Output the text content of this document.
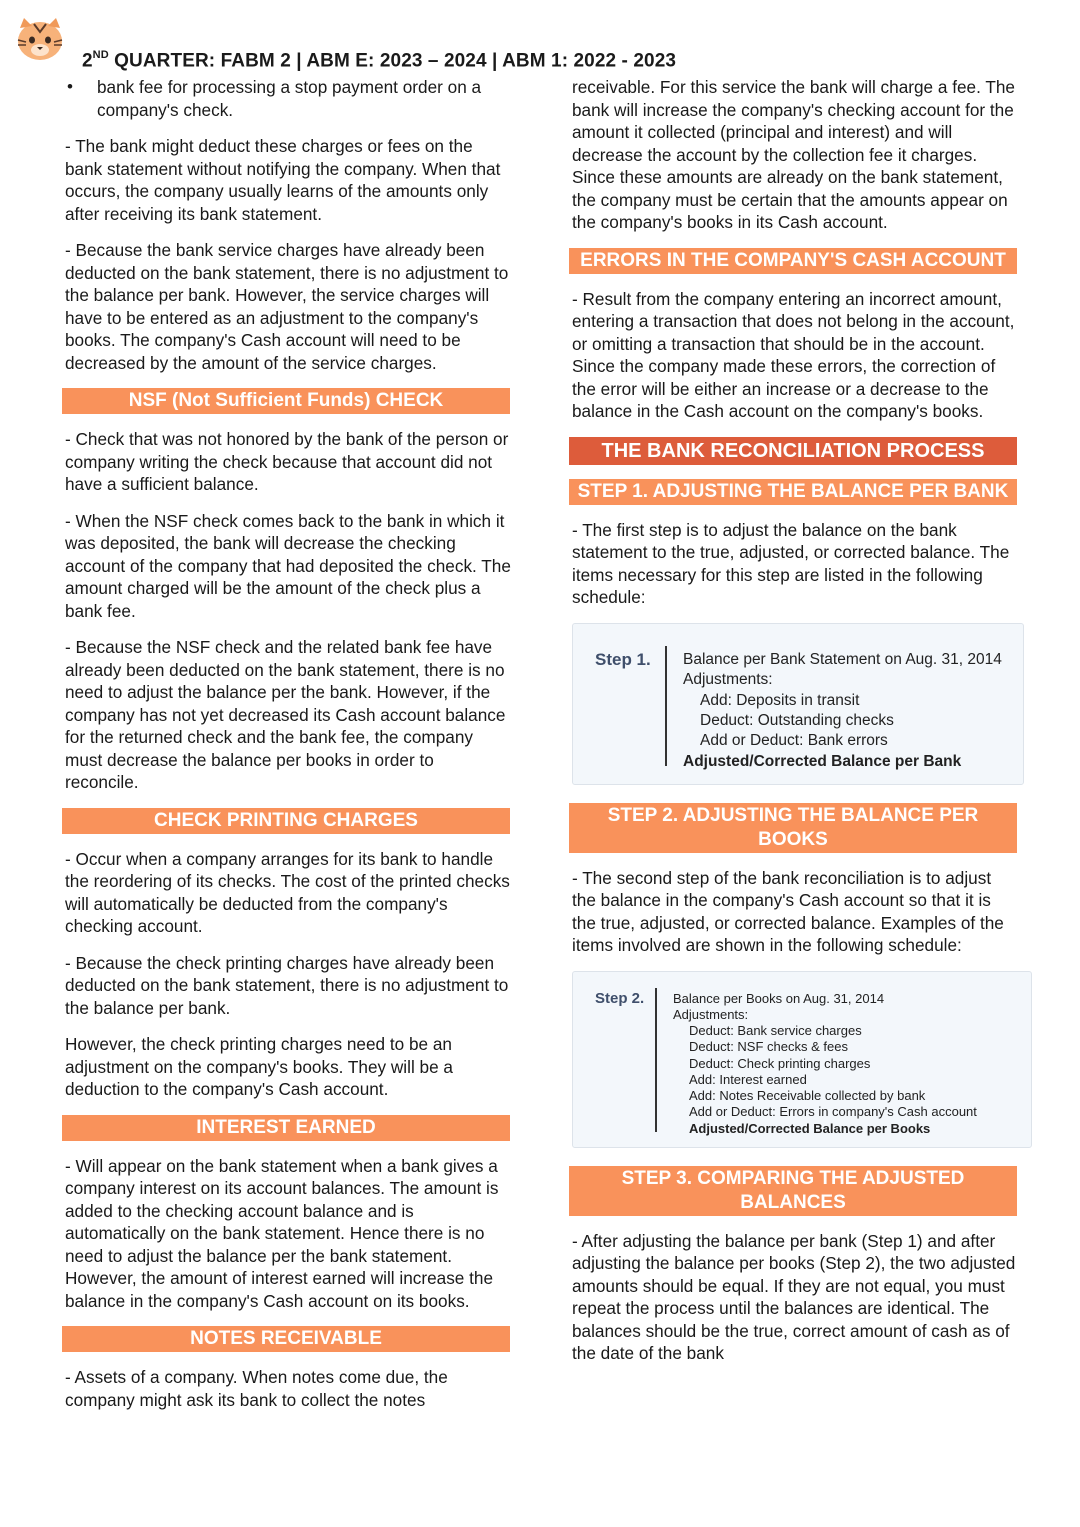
2ND QUARTER: FABM 2 | ABM E: 2023 – 2024 | ABM 1: 2022 - 2023
• bank fee for processing a stop payment order on a company's check.

- The bank might deduct these charges or fees on the bank statement without notifying the company. When that occurs, the company usually learns of the amounts only after receiving its bank statement.

- Because the bank service charges have already been deducted on the bank statement, there is no adjustment to the balance per bank. However, the service charges will have to be entered as an adjustment to the company's books. The company's Cash account will need to be decreased by the amount of the service charges.

NSF (Not Sufficient Funds) CHECK

- Check that was not honored by the bank of the person or company writing the check because that account did not have a sufficient balance.

- When the NSF check comes back to the bank in which it was deposited, the bank will decrease the checking account of the company that had deposited the check. The amount charged will be the amount of the check plus a bank fee.

- Because the NSF check and the related bank fee have already been deducted on the bank statement, there is no need to adjust the balance per the bank. However, if the company has not yet decreased its Cash account balance for the returned check and the bank fee, the company must decrease the balance per books in order to reconcile.

CHECK PRINTING CHARGES

- Occur when a company arranges for its bank to handle the reordering of its checks. The cost of the printed checks will automatically be deducted from the company's checking account.

- Because the check printing charges have already been deducted on the bank statement, there is no adjustment to the balance per bank.

However, the check printing charges need to be an adjustment on the company's books. They will be a deduction to the company's Cash account.

INTEREST EARNED

- Will appear on the bank statement when a bank gives a company interest on its account balances. The amount is added to the checking account balance and is automatically on the bank statement. Hence there is no need to adjust the balance per the bank statement. However, the amount of interest earned will increase the balance in the company's Cash account on its books.

NOTES RECEIVABLE

- Assets of a company. When notes come due, the company might ask its bank to collect the notes

receivable. For this service the bank will charge a fee. The bank will increase the company's checking account for the amount it collected (principal and interest) and will decrease the account by the collection fee it charges. Since these amounts are already on the bank statement, the company must be certain that the amounts appear on the company's books in its Cash account.

ERRORS IN THE COMPANY'S CASH ACCOUNT

- Result from the company entering an incorrect amount, entering a transaction that does not belong in the account, or omitting a transaction that should be in the account. Since the company made these errors, the correction of the error will be either an increase or a decrease to the balance in the Cash account on the company's books.

THE BANK RECONCILIATION PROCESS
STEP 1. ADJUSTING THE BALANCE PER BANK

- The first step is to adjust the balance on the bank statement to the true, adjusted, or corrected balance. The items necessary for this step are listed in the following schedule:

Step 1. Balance per Bank Statement on Aug. 31, 2014
Adjustments:
Add: Deposits in transit
Deduct: Outstanding checks
Add or Deduct: Bank errors
Adjusted/Corrected Balance per Bank
STEP 2. ADJUSTING THE BALANCE PER BOOKS

- The second step of the bank reconciliation is to adjust the balance in the company's Cash account so that it is the true, adjusted, or corrected balance. Examples of the items involved are shown in the following schedule:

Step 2. Balance per Books on Aug. 31, 2014
Adjustments:
Deduct: Bank service charges
Deduct: NSF checks & fees
Deduct: Check printing charges
Add: Interest earned
Add: Notes Receivable collected by bank
Add or Deduct: Errors in company's Cash account
Adjusted/Corrected Balance per Books
STEP 3. COMPARING THE ADJUSTED BALANCES

- After adjusting the balance per bank (Step 1) and after adjusting the balance per books (Step 2), the two adjusted amounts should be equal. If they are not equal, you must repeat the process until the balances are identical. The balances should be the true, correct amount of cash as of the date of the bank
